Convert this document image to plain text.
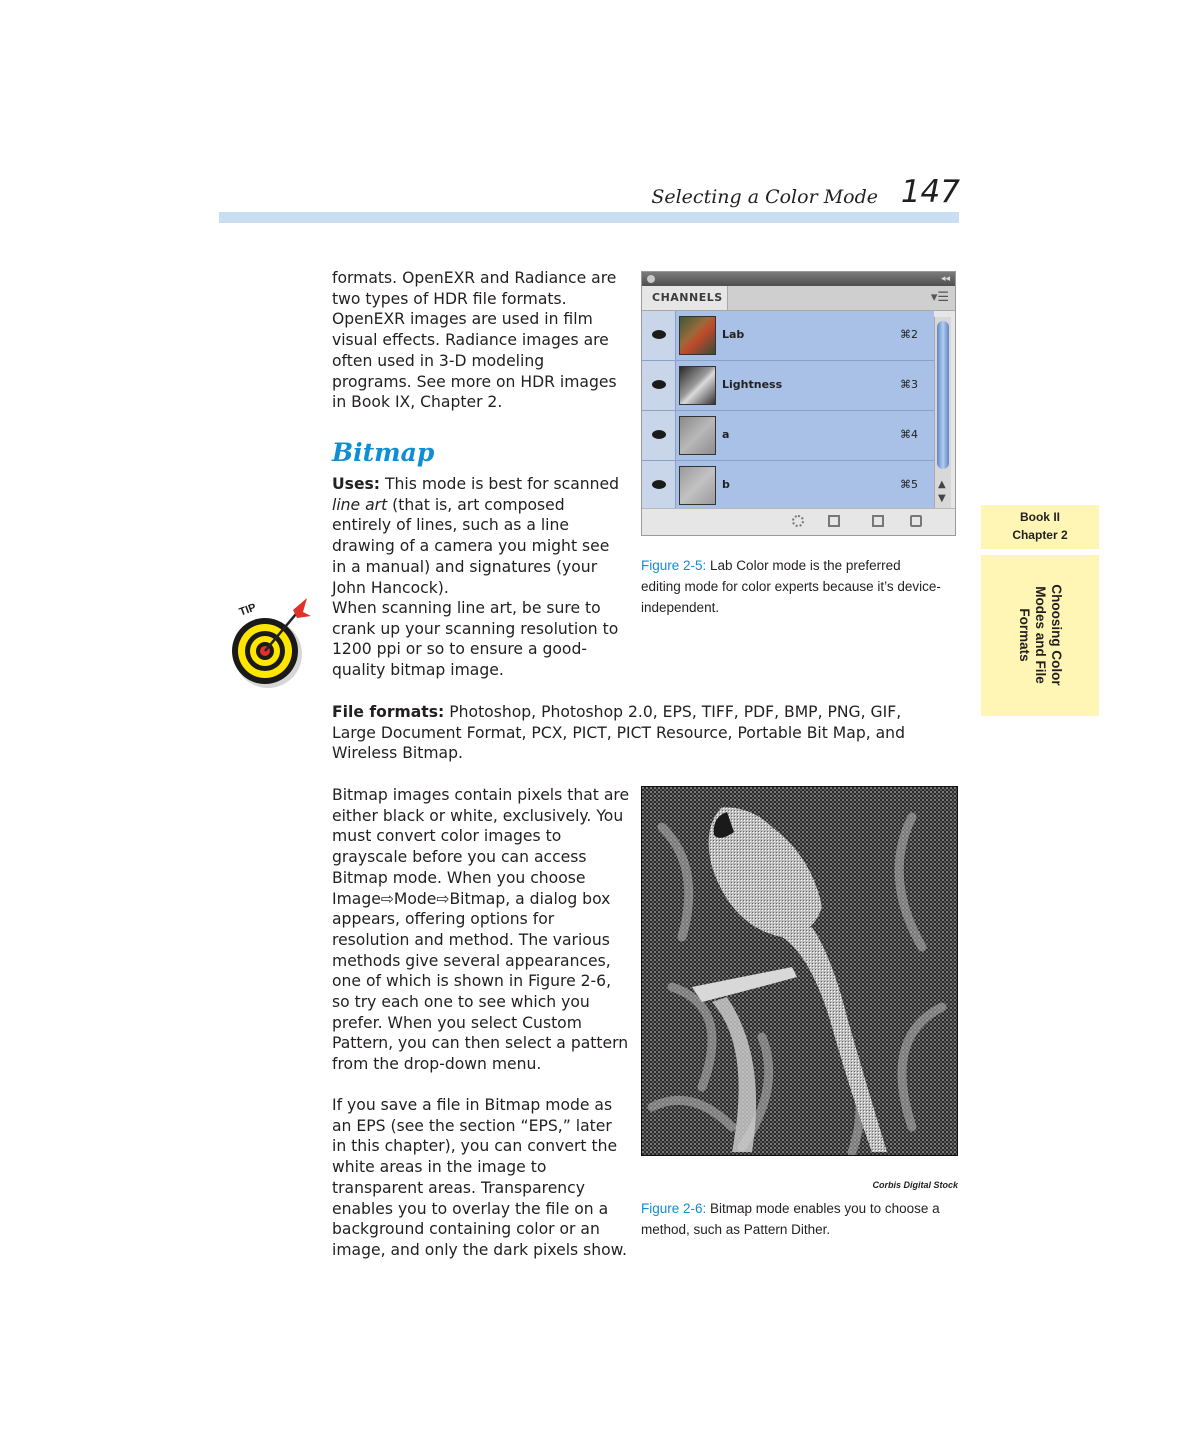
Selecting a Color Mode 147

formats. OpenEXR and Radiance are two types of HDR file formats. OpenEXR images are used in film visual effects. Radiance images are often used in 3-D modeling programs. See more on HDR images in Book IX, Chapter 2.

Bitmap

Uses: This mode is best for scanned line art (that is, art composed entirely of lines, such as a line drawing of a camera you might see in a manual) and signatures (your John Hancock).

TIP	When scanning line art, be sure to crank up your scanning resolution to 1200 ppi or so to ensure a good-quality bitmap image.

File formats: Photoshop, Photoshop 2.0, EPS, TIFF, PDF, BMP, PNG, GIF, Large Document Format, PCX, PICT, PICT Resource, Portable Bit Map, and Wireless Bitmap.

Bitmap images contain pixels that are either black or white, exclusively. You must convert color images to grayscale before you can access Bitmap mode. When you choose Image⇨Mode⇨Bitmap, a dialog box appears, offering options for resolution and method. The various methods give several appearances, one of which is shown in Figure 2-6, so try each one to see which you prefer. When you select Custom Pattern, you can then select a pattern from the drop-down menu.

If you save a file in Bitmap mode as an EPS (see the section “EPS,” later in this chapter), you can convert the white areas in the image to transparent areas. Transparency enables you to overlay the file on a background containing color or an image, and only the dark pixels show.

◂◂
CHANNELS	▾☰
Lab	⌘2
Lightness	⌘3
a	⌘4
b	⌘5 ▲
▼

Figure 2-5: Lab Color mode is the preferred editing mode for color experts because it’s device-independent.

Corbis Digital Stock

Figure 2-6: Bitmap mode enables you to choose a method, such as Pattern Dither.

Book II
Chapter 2
Choosing Color Modes and File Formats
